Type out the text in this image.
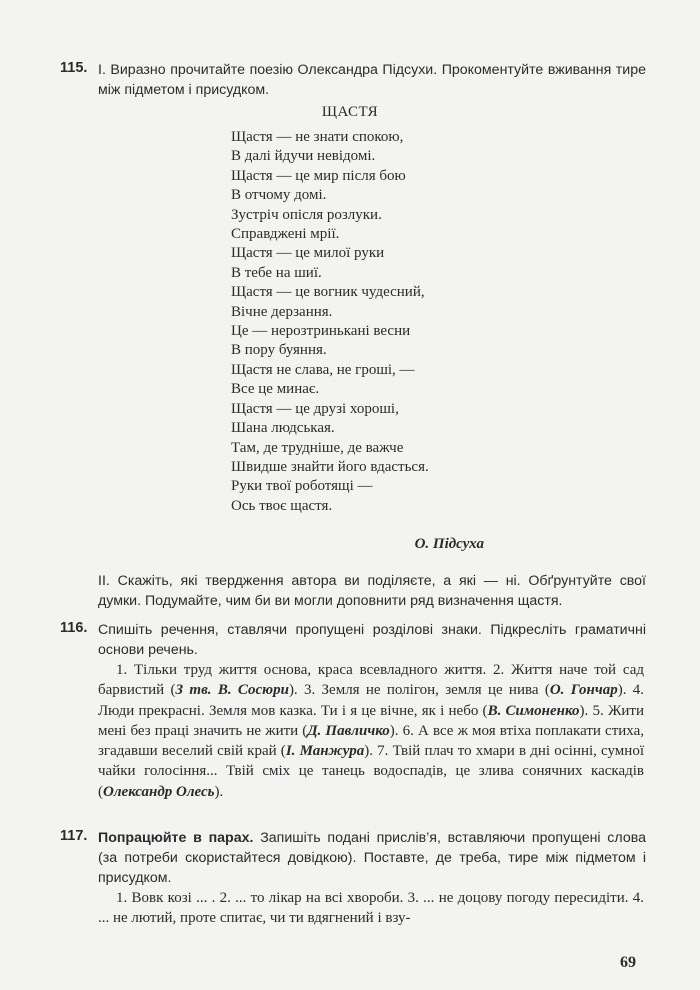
115. І. Виразно прочитайте поезію Олександра Підсухи. Прокоментуйте вживання тире між підметом і присудком.
ЩАСТЯ
Щастя — не знати спокою,
В далі йдучи невідомі.
Щастя — це мир після бою
В отчому домі.
Зустріч опісля розлуки.
Справджені мрії.
Щастя — це милої руки
В тебе на шиї.
Щастя — це вогник чудесний,
Вічне дерзання.
Це — нерозтринькані весни
В пору буяння.
Щастя не слава, не гроші, —
Все це минає.
Щастя — це друзі хороші,
Шана людськая.
Там, де трудніше, де важче
Швидше знайти його вдасться.
Руки твої роботящі —
Ось твоє щастя.
О. Підсуха
ІІ. Скажіть, які твердження автора ви поділяєте, а які — ні. Обґрунтуйте свої думки. Подумайте, чим би ви могли доповнити ряд визначення щастя.
116. Спишіть речення, ставлячи пропущені розділові знаки. Підкресліть граматичні основи речень.
1. Тільки труд життя основа, краса всевладного життя. 2. Життя наче той сад барвистий (З тв. В. Сосюри). 3. Земля не полігон, земля це нива (О. Гончар). 4. Люди прекрасні. Земля мов казка. Ти і я це вічне, як і небо (В. Симоненко). 5. Жити мені без праці значить не жити (Д. Павличко). 6. А все ж моя втіха поплакати стиха, згадавши веселий свій край (І. Манжура). 7. Твій плач то хмари в дні осінні, сумної чайки голосіння... Твій сміх це танець водоспадів, це злива сонячних каскадів (Олександр Олесь).
117. Попрацюйте в парах. Запишіть подані прислів’я, вставляючи пропущені слова (за потреби скористайтеся довідкою). Поставте, де треба, тире між підметом і присудком.
1. Вовк козі ... . 2. ... то лікар на всі хвороби. 3. ... не доцову погоду пересидіти. 4. ... не лютий, проте спитає, чи ти вдягнений і взу-
69
